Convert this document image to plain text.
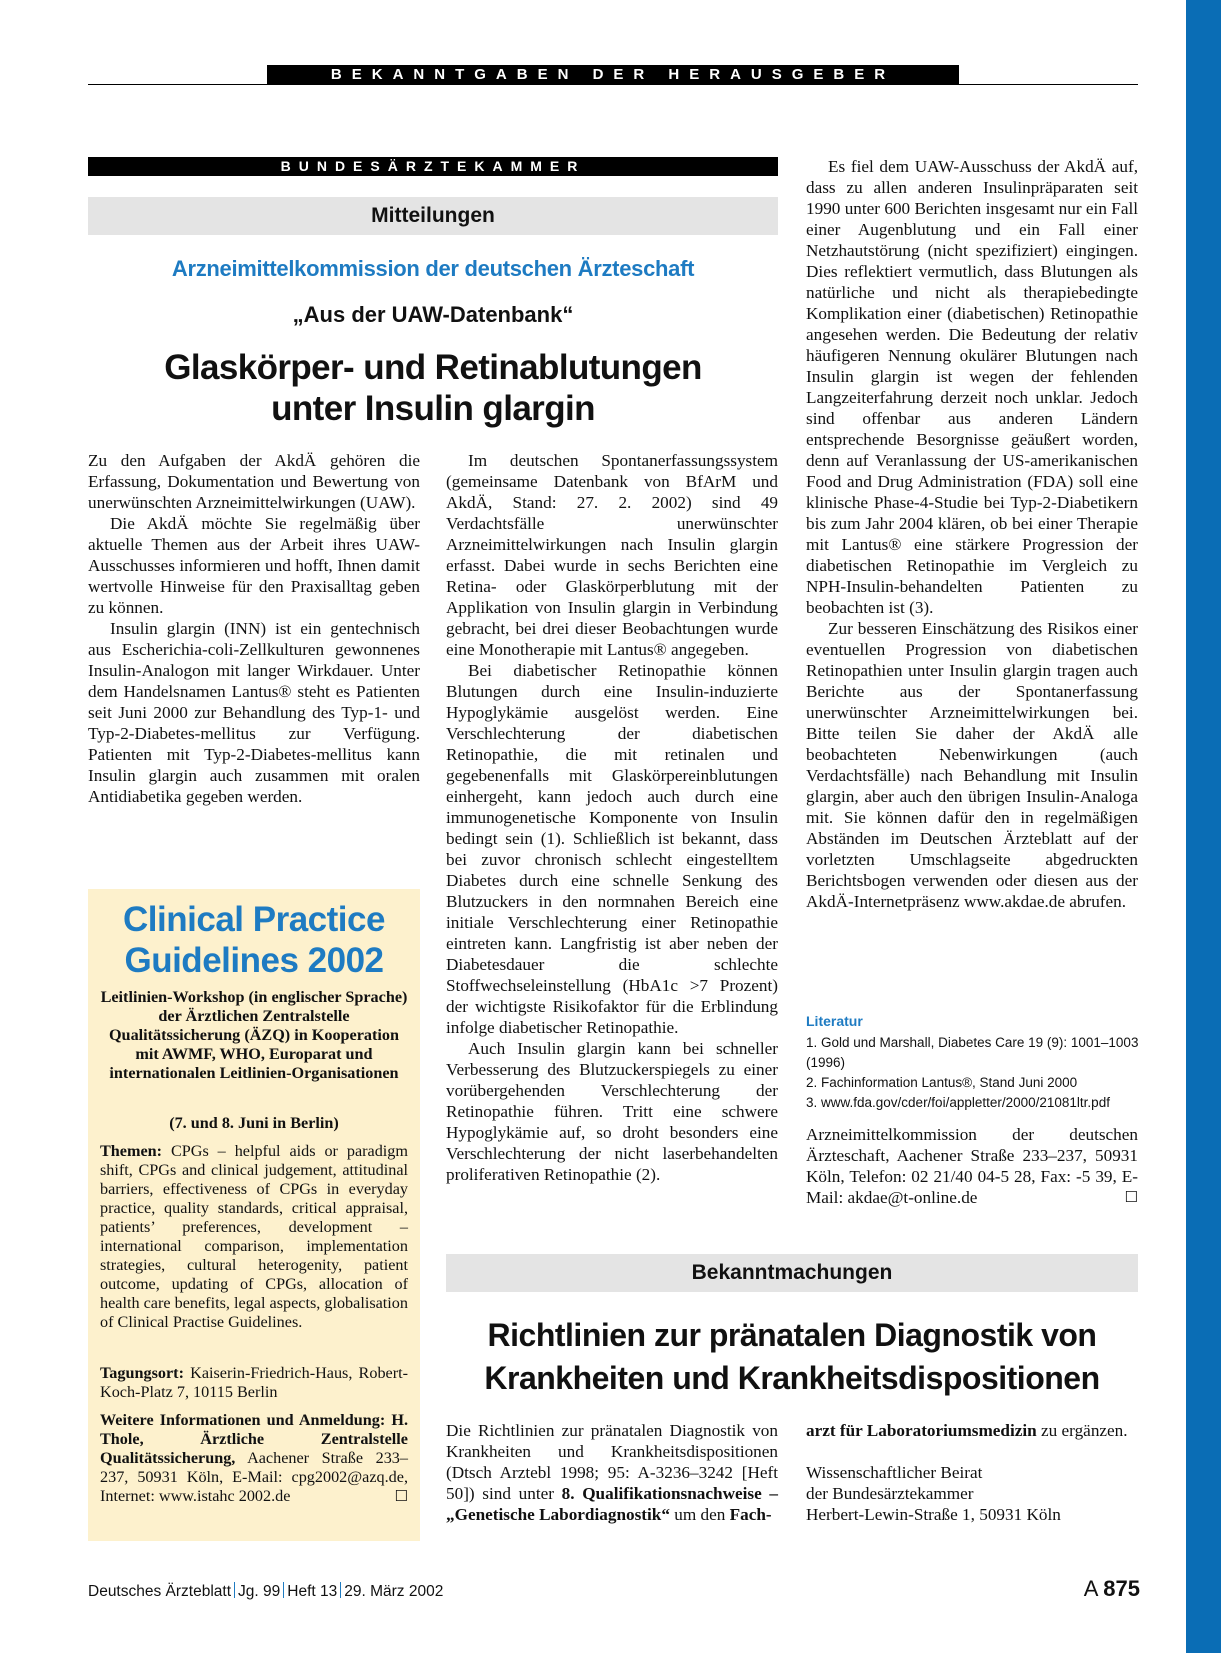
BEKANNTGABEN DER HERAUSGEBER
BUNDESÄRZTEKAMMER
Mitteilungen
Arzneimittelkommission der deutschen Ärzteschaft
„Aus der UAW-Datenbank“
Glaskörper- und Retinablutungen
unter Insulin glargin

Zu den Aufgaben der AkdÄ gehören die Erfassung, Dokumentation und Bewertung von unerwünschten Arzneimittelwirkungen (UAW).

Die AkdÄ möchte Sie regelmäßig über aktuelle Themen aus der Arbeit ihres UAW-Ausschusses informieren und hofft, Ihnen damit wertvolle Hinweise für den Praxisalltag geben zu können.

Insulin glargin (INN) ist ein gentechnisch aus Escherichia-coli-Zellkulturen gewonnenes Insulin-Analogon mit langer Wirkdauer. Unter dem Handelsnamen Lantus® steht es Patienten seit Juni 2000 zur Behandlung des Typ-1- und Typ-2-Diabetes-mellitus zur Verfügung. Patienten mit Typ-2-Diabetes-mellitus kann Insulin glargin auch zusammen mit oralen Antidiabetika gegeben werden.

Im deutschen Spontanerfassungssystem (gemeinsame Datenbank von BfArM und AkdÄ, Stand: 27. 2. 2002) sind 49 Verdachtsfälle unerwünschter Arzneimittelwirkungen nach Insulin glargin erfasst. Dabei wurde in sechs Berichten eine Retina- oder Glaskörperblutung mit der Applikation von Insulin glargin in Verbindung gebracht, bei drei dieser Beobachtungen wurde eine Monotherapie mit Lantus® angegeben.

Bei diabetischer Retinopathie können Blutungen durch eine Insulin-induzierte Hypoglykämie ausgelöst werden. Eine Verschlechterung der diabetischen Retinopathie, die mit retinalen und gegebenenfalls mit Glaskörpereinblutungen einhergeht, kann jedoch auch durch eine immunogenetische Komponente von Insulin bedingt sein (1). Schließlich ist bekannt, dass bei zuvor chronisch schlecht eingestelltem Diabetes durch eine schnelle Senkung des Blutzuckers in den normnahen Bereich eine initiale Verschlechterung einer Retinopathie eintreten kann. Langfristig ist aber neben der Diabetesdauer die schlechte Stoffwechseleinstellung (HbA1c >7 Prozent) der wichtigste Risikofaktor für die Erblindung infolge diabetischer Retinopathie.

Auch Insulin glargin kann bei schneller Verbesserung des Blutzuckerspiegels zu einer vorübergehenden Verschlechterung der Retinopathie führen. Tritt eine schwere Hypoglykämie auf, so droht besonders eine Verschlechterung der nicht laserbehandelten proliferativen Retinopathie (2).

Es fiel dem UAW-Ausschuss der AkdÄ auf, dass zu allen anderen Insulinpräparaten seit 1990 unter 600 Berichten insgesamt nur ein Fall einer Augenblutung und ein Fall einer Netzhautstörung (nicht spezifiziert) eingingen. Dies reflektiert vermutlich, dass Blutungen als natürliche und nicht als therapiebedingte Komplikation einer (diabetischen) Retinopathie angesehen werden. Die Bedeutung der relativ häufigeren Nennung okulärer Blutungen nach Insulin glargin ist wegen der fehlenden Langzeiterfahrung derzeit noch unklar. Jedoch sind offenbar aus anderen Ländern entsprechende Besorgnisse geäußert worden, denn auf Veranlassung der US-amerikanischen Food and Drug Administration (FDA) soll eine klinische Phase-4-Studie bei Typ-2-Diabetikern bis zum Jahr 2004 klären, ob bei einer Therapie mit Lantus® eine stärkere Progression der diabetischen Retinopathie im Vergleich zu NPH-Insulin-behandelten Patienten zu beobachten ist (3).

Zur besseren Einschätzung des Risikos einer eventuellen Progression von diabetischen Retinopathien unter Insulin glargin tragen auch Berichte aus der Spontanerfassung unerwünschter Arzneimittelwirkungen bei. Bitte teilen Sie daher der AkdÄ alle beobachteten Nebenwirkungen (auch Verdachtsfälle) nach Behandlung mit Insulin glargin, aber auch den übrigen Insulin-Analoga mit. Sie können dafür den in regelmäßigen Abständen im Deutschen Ärzteblatt auf der vorletzten Umschlagseite abgedruckten Berichtsbogen verwenden oder diesen aus der AkdÄ-Internetpräsenz www.akdae.de abrufen.

Literatur
1. Gold und Marshall, Diabetes Care 19 (9): 1001–1003 (1996)
2. Fachinformation Lantus®, Stand Juni 2000
3. www.fda.gov/cder/foi/appletter/2000/21081ltr.pdf

Arzneimittelkommission der deutschen Ärzteschaft, Aachener Straße 233–237, 50931 Köln, Telefon: 02 21/40 04-5 28, Fax: -5 39, E-Mail: akdae@t-online.de	☐

Clinical Practice
Guidelines 2002
Leitlinien-Workshop (in englischer Sprache) der Ärztlichen Zentralstelle Qualitätssicherung (ÄZQ) in Kooperation mit AWMF, WHO, Europarat und internationalen Leitlinien-Organisationen
(7. und 8. Juni in Berlin)
Themen: CPGs – helpful aids or paradigm shift, CPGs and clinical judgement, attitudinal barriers, effectiveness of CPGs in everyday practice, quality standards, critical appraisal, patients’ preferences, development – international comparison, implementation strategies, cultural heterogenity, patient outcome, updating of CPGs, allocation of health care benefits, legal aspects, globalisation of Clinical Practise Guidelines.
Tagungsort: Kaiserin-Friedrich-Haus, Robert-Koch-Platz 7, 10115 Berlin
Weitere Informationen und Anmeldung: H. Thole, Ärztliche Zentralstelle Qualitätssicherung, Aachener Straße 233–237, 50931 Köln, E-Mail: cpg2002@azq.de, Internet: www.istahc 2002.de	☐
Bekanntmachungen
Richtlinien zur pränatalen Diagnostik von
Krankheiten und Krankheitsdispositionen

Die Richtlinien zur pränatalen Diagnostik von Krankheiten und Krankheitsdispositionen (Dtsch Arztebl 1998; 95: A-3236–3242 [Heft 50]) sind unter 8. Qualifikationsnachweise – „Genetische Labordiagnostik“ um den Fach-

arzt für Laboratoriumsmedizin zu ergänzen.

Wissenschaftlicher Beirat

der Bundesärztekammer

Herbert-Lewin-Straße 1, 50931 Köln

Deutsches Ärzteblatt Jg. 99 Heft 13 29. März 2002	A 875
